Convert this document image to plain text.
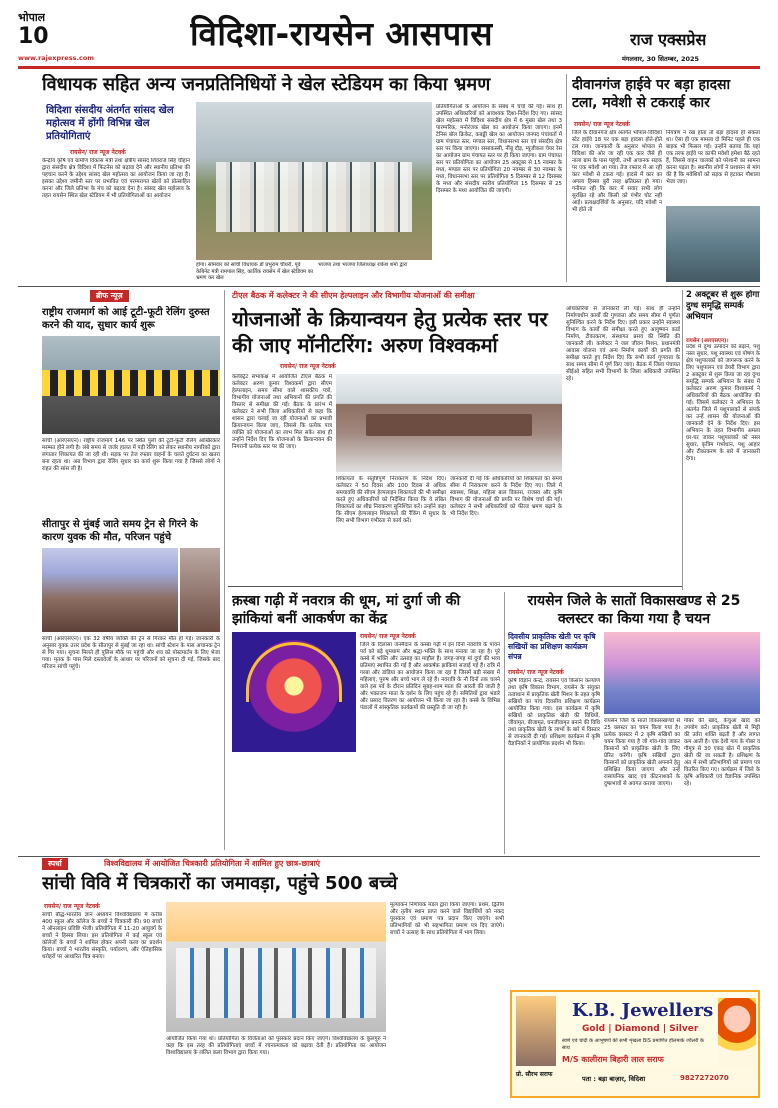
भोपाल
10
www.rajexpress.com
विदिशा-रायसेन आसपास	राज एक्सप्रेस
मंगलवार, 30 सितम्बर, 2025
विधायक सहित अन्य जनप्रतिनिधियों ने खेल स्टेडियम का किया भ्रमण
विदिशा संसदीय अंतर्गत सांसद खेल महोत्सव में होंगी विभिन्न खेल प्रतियोगिताएं
रायसेन/ राज न्यूज नेटवर्क
केन्द्रीय कृषि एवं ग्रामीण विकास मंत्री तथा क्षेत्रीय सांसद शिवराज सिंह चौहान द्वारा संसदीय क्षेत्र विदिशा में फिटनेस को बढ़ावा देने और स्थानीय प्रतिभा की पहचान करने के उद्देश्य सांसद खेल महोत्सव का आयोजन किया जा रहा है। इसका उद्देश्य जमीनी स्तर पर प्रभावित एवं परम्परागत खेलों को प्रोत्साहित करना और जिले प्रतिभा के मंच को बढ़ावा देना है। सांसद खेल महोत्सव के तहत रायसेन स्थित खेल स्टेडियम में भी प्रतियोगिताओं का आयोजन
होगा। सोमवार को सांची विधायक डॉ प्रभुराम चौधरी, पूर्व केबिनेट मंत्री रामपाल सिंह, कार्तिक रायसेन में खेल स्टेडियम का भ्रमण कर खेल
भाजपा तथा भाजपा जिलाध्यक्ष राकेश शर्मा द्वारा
प्रतियोगिताओं के आयोजन के संबंध में चर्चा की गई। साथ ही उपस्थित अधिकारियों को आवश्यक दिशा-निर्देश दिए गए। सांसद खेल महोत्सव में विदिशा संसदीय क्षेत्र में 6 मुख्य खेल तथा 3 पारम्परिक, मनोरंजक खेल का आयोजन किया जाएगा। इनमें टेनिस बॉल क्रिकेट, कबड्डी खेल का आयोजन जनपद पंचायतों में ग्राम पंचायत स्तर, मण्डल स्तर, विधानसभा स्तर एवं संसदीय क्षेत्र स्तर पर किया जाएगा। रस्साकस्सी, नींबू दौड़, म्यूजीकल चेयर रेस का आयोजन ग्राम पंचायत स्तर पर ही किया जाएगा। ग्राम पंचायत स्तर पर प्रतियोगिता का आयोजन 25 अक्टूबर से 15 नवम्बर के मध्य, मण्डल स्तर पर प्रतियोगिता 20 नवम्बर से 30 नवम्बर के मध्य, विधानसभा स्तर पर प्रतियोगिता 5 दिसम्बर से 12 दिसम्बर के मध्य और संसदीय स्तरीय प्रतियोगिता 15 दिसम्बर से 25 दिसम्बर के मध्य आयोजित की जाएगी।
दीवानगंज हाईवे पर बड़ा हादसा टला, मवेशी से टकराई कार
रायसेन/ राज न्यूज नेटवर्क
जिले के दीवानगंज क्षेत्र अंतर्गत भोपाल-विदिशा स्टेट हाईवे 18 पर एक बड़ा हादसा होते-होते टल गया। जानकारी के अनुसार भोपाल से विदिशा की ओर जा रही एक कार जैसे ही नाला ग्राम के पास पहुंची, तभी अचानक सड़क पर एक मवेशी आ गया। तेज रफ्तार में आ रही कार मवेशी से टकरा गई। हादसे में कार का अगला हिस्सा बुरी तरह क्षतिग्रस्त हो गया। गनीमत रही कि कार में सवार सभी लोग सुरक्षित रहे और किसी को गंभीर चोट नहीं आई। प्रत्यक्षदर्शियों के अनुसार, यदि मवेशी न भी होते तो
नियंत्रण न रख होता तो बड़ा हादसा हो सकता था। ऐसा ही एक मामला दो मिनिट पहले ही एक बाइक भी फिसल गई। उन्होंने बताया कि यहां एक तरफ हाईवे पर काफी मवेशी हमेशा बैठे रहते हैं, जिससे वाहन चालकों को परेशानी का सामना करना पड़ता है। स्थानीय लोगों ने प्रशासन से मांग की है कि मवेशियों को सड़क से हटाकर गौशाला भेजा जाए।
ब्रीफ न्यूज़
राष्ट्रीय राजमार्ग को आई टूटी-फूटी रेलिंग दुरुस्त करने की याद, सुधार कार्य शुरू
सांची (आरएसएन)। राष्ट्रीय राजमार्ग 146 पर स्थित पुलों की टूटी-फूटी रेलिंग आखिरकार मरम्मत होने लगी है। लंबे समय से जर्जर हालत में पड़ी रेलिंग को लेकर स्थानीय नागरिकों द्वारा लगातार शिकायत की जा रही थी। सड़क पर तेज रफ्तार वाहनों के चलते दुर्घटना का खतरा बना रहता था। अब विभाग द्वारा रेलिंग सुधार का कार्य शुरू किया गया है जिससे लोगों ने राहत की सांस ली है।
सीतापुर से मुंबई जाते समय ट्रेन से गिरने के कारण युवक की मौत, परिजन पहुंचे
सांची (आरएसएन)। एक 32 वर्षीय व्यक्ति की ट्रेन से गिरकर मौत हो गई। जानकारी के अनुसार युवक उत्तर प्रदेश के सीतापुर से मुंबई जा रहा था। सांची स्टेशन के पास अचानक ट्रेन से गिर गया। सूचना मिलते ही पुलिस मौके पर पहुंची और शव को पोस्टमार्टम के लिए भेजा गया। मृतक के पास मिले दस्तावेजों के आधार पर परिजनों को सूचना दी गई, जिसके बाद परिजन सांची पहुंचे।
टीएल बैठक में कलेक्टर ने की सीएम हेल्पलाइन और विभागीय योजनाओं की समीक्षा
योजनाओं के क्रियान्वयन हेतु प्रत्येक स्तर पर की जाए मॉनीटरिंग: अरुण विश्वकर्मा
रायसेन/ राज न्यूज नेटवर्क
कलेक्ट्रेट सभाकक्ष में आयोजित टीएल बैठक में कलेक्टर अरुण कुमार विश्वकर्मा द्वारा सीएम हेल्पलाइन, समय सीमा वाले शासकीय पत्रों, विभागीय योजनाओं तथा अभियानों की प्रगति की विस्तार से समीक्षा की गई। बैठक के प्रारंभ में कलेक्टर ने सभी जिला अधिकारियों से कहा कि शासन द्वारा चलाई जा रही योजनाओं का प्रभावी क्रियान्वयन किया जाए, जिससे कि प्रत्येक पात्र व्यक्ति को योजनाओं का लाभ मिल सके। साथ ही उन्होंने निर्देश दिए कि योजनाओं के क्रियान्वयन की निगरानी प्रत्येक स्तर पर की जाए।
शिकायतों के संतुष्टिपूर्ण निराकरण के निर्देश दिए। कलेक्टर ने 50 दिवस और 100 दिवस से अधिक समयावधि की सीएम हेल्पलाइन शिकायतों की भी समीक्षा करते हुए अधिकारियों को निर्देशित किया कि वे लंबित शिकायतों का शीघ्र निराकरण सुनिश्चित करें। उन्होंने कहा कि सीएम हेल्पलाइन शिकायतों की रैंकिंग में सुधार के लिए सभी विभाग गंभीरता से कार्य करें।
जानकारी दी गई कि अधिकारियों को शिकायतों का समय सीमा में निराकरण करने के निर्देश दिए गए। जिले में स्वास्थ्य, शिक्षा, महिला बाल विकास, राजस्व और कृषि विभाग की योजनाओं की प्रगति पर विशेष चर्चा की गई। कलेक्टर ने सभी अधिकारियों को फील्ड भ्रमण बढ़ाने के भी निर्देश दिए।
अधिकारियों से जानकारी ली गई। साथ ही उन्होंने निर्माणाधीन कार्यों की गुणवत्ता और समय सीमा में पूर्णता सुनिश्चित करने के निर्देश दिए। इसी प्रकार उन्होंने स्वास्थ्य विभाग के कार्यों की समीक्षा करते हुए आयुष्मान कार्ड निर्माण, टीकाकरण, संस्थागत प्रसव की स्थिति की जानकारी ली। कलेक्टर ने जल जीवन मिशन, प्रधानमंत्री आवास योजना एवं अन्य निर्माण कार्यों की प्रगति की समीक्षा करते हुए निर्देश दिए कि सभी कार्य गुणवत्ता के साथ समय सीमा में पूर्ण किए जाएं। बैठक में जिला पंचायत सीईओ सहित सभी विभागों के जिला अधिकारी उपस्थित रहे।
2 अक्टूबर से शुरू होगा दुग्ध समृद्धि सम्पर्क अभियान
रायसेन (आरएसएन)।
प्रदेश में दुग्ध उत्पादन को बढ़ाने, पशु नस्ल सुधार, पशु स्वास्थ्य एवं पोषण के क्षेत्र पशुपालकों को जागरूक करने के लिए पशुपालन एवं डेयरी विभाग द्वारा 2 अक्टूबर से शुरू किया जा रहा दुग्ध समृद्धि सम्पर्क अभियान के संबंध में कलेक्टर अरुण कुमार विश्वकर्मा ने अधिकारियों की बैठक आयोजित की गई। जिसमें कलेक्टर ने अभियान के अंतर्गत जिले में पशुपालकों से संपर्क कर उन्हें शासन की योजनाओं की जानकारी देने के निर्देश दिए। इस अभियान के तहत विभागीय अमला घर-घर जाकर पशुपालकों को नस्ल सुधार, कृत्रिम गर्भाधान, पशु आहार और टीकाकरण के बारे में जानकारी देगा।
क़स्बा गढ़ी में नवरात्र की धूम, मां दुर्गा जी की झांकियां बनीं आकर्षण का केंद्र
रायसेन/ राज न्यूज नेटवर्क
जिले के दिलासा जनमैदान के कस्बा गढ़ी में इन दिनों नवरात्रि के पावन पर्व को बड़े धूमधाम और श्रद्धा-भक्ति के साथ मनाया जा रहा है। पूरे कस्बे में भक्ति और उत्साह का माहौल है। जगह-जगह मां दुर्गा की भव्य प्रतिमाएं स्थापित की गई हैं और आकर्षक झांकियां सजाई गई हैं। रात्रि में गरबा और डांडिया का आयोजन किया जा रहा है जिसमें बड़ी संख्या में महिलाएं, पुरुष और बच्चे भाग ले रहे हैं। नवरात्रि के नौ दिनों तक चलने वाले इस पर्व के दौरान प्रतिदिन सुबह-शाम माता की आरती की जाती है और भक्तजन माता के दर्शन के लिए पहुंच रहे हैं। समितियों द्वारा भंडारे और प्रसाद वितरण का आयोजन भी किया जा रहा है। कस्बे के विभिन्न पंडालों में सांस्कृतिक कार्यक्रमों की प्रस्तुति दी जा रही है।
रायसेन जिले के सातों विकासखण्ड से 25 क्लस्टर का किया गया है चयन
दिवसीय प्राकृतिक खेती पर कृषि सखियों का प्रशिक्षण कार्यक्रम संपन्न
रायसेन/ राज न्यूज नेटवर्क
कृषि विज्ञान केन्द्र, रायसेन एवं किसान कल्याण तथा कृषि विकास विभाग, रायसेन के संयुक्त तत्वाधान में प्राकृतिक खेती मिशन के तहत कृषि सखियों का पांच दिवसीय प्रशिक्षण कार्यक्रम आयोजित किया गया। इस कार्यक्रम में कृषि सखियों को प्राकृतिक खेती की विधियों, जीवामृत, बीजामृत, घनजीवामृत बनाने की विधि तथा प्राकृतिक खेती के लाभों के बारे में विस्तार से जानकारी दी गई। प्रशिक्षण कार्यक्रम में कृषि वैज्ञानिकों ने प्रायोगिक प्रदर्शन भी किया।
रायसेन जिले के सातों विकासखण्डों से 25 क्लस्टर का चयन किया गया है। प्रत्येक क्लस्टर में 2 कृषि सखियों का चयन किया गया है जो गांव-गांव जाकर किसानों को प्राकृतिक खेती के लिए प्रेरित करेंगी। कृषि सखियों द्वारा किसानों को प्राकृतिक खेती अपनाने हेतु प्रशिक्षित किया जाएगा और उन्हें रासायनिक खाद एवं कीटनाशकों के दुष्प्रभावों से अवगत कराया जाएगा।
गोबर की खाद, केंचुआ खाद का उपयोग करें। प्राकृतिक खेती से मिट्टी की उर्वरा शक्ति बढ़ती है और लागत कम आती है। एक देशी गाय के गोबर व गौमूत्र से 30 एकड़ खेत में प्राकृतिक खेती की जा सकती है। प्रशिक्षण के अंत में सभी प्रतिभागियों को प्रमाण पत्र वितरित किए गए। कार्यक्रम में जिले के कृषि अधिकारी एवं वैज्ञानिक उपस्थित रहे।
स्पर्धा	विश्वविद्यालय में आयोजित चित्रकारी प्रतियोगिता में शामिल हुए छात्र-छात्राएं
सांची विवि में चित्रकारों का जमावड़ा, पहुंचे 500 बच्चे
रायसेन/ राज न्यूज नेटवर्क
सांची बौद्ध-भारतीय ज्ञान अध्ययन विश्वविद्यालय में करीब 400 स्कूल और कॉलेज के बच्चों ने चित्रकारी की। 90 बच्चों ने ऑनलाइन प्रविष्टि भेजी। प्रतियोगिता में 11-20 आयुवर्ग के बच्चों ने हिस्सा लिया। इस प्रतियोगिता में कई स्कूल एवं कॉलेजों के बच्चों ने शामिल होकर अपनी कला का प्रदर्शन किया। बच्चों ने भारतीय संस्कृति, पर्यावरण, और ऐतिहासिक धरोहरों पर आधारित चित्र बनाए।
आयोजित किया गया था। प्रतियोगिता के विजेताओं को पुरस्कार प्रदान किए जाएंगे। विश्वविद्यालय के कुलगुरु ने कहा कि इस तरह की प्रतियोगिताएं बच्चों में रचनात्मकता को बढ़ावा देती हैं। प्रतियोगिता का आयोजन विश्वविद्यालय के ललित कला विभाग द्वारा किया गया।
मूल्यांकन निर्णायक मंडल द्वारा किया जाएगा। प्रथम, द्वितीय और तृतीय स्थान प्राप्त करने वाले विद्यार्थियों को नकद पुरस्कार एवं प्रमाण पत्र प्रदान किए जाएंगे। सभी प्रतिभागियों को भी सहभागिता प्रमाण पत्र दिए जाएंगे। बच्चों ने उत्साह के साथ प्रतियोगिता में भाग लिया।
K.B. Jewellers
Gold | Diamond | Silver
स्वर्ण एवं चांदी के आभूषणों की सभी शृंखला BIS प्रमाणित हॉलमार्क ज्वैलरी के साथ
M/S कालीराम बिहारी लाल सराफ
प्रो. सौरभ सराफ
पता : बड़ा बाज़ार, विदिशा	9827272070
